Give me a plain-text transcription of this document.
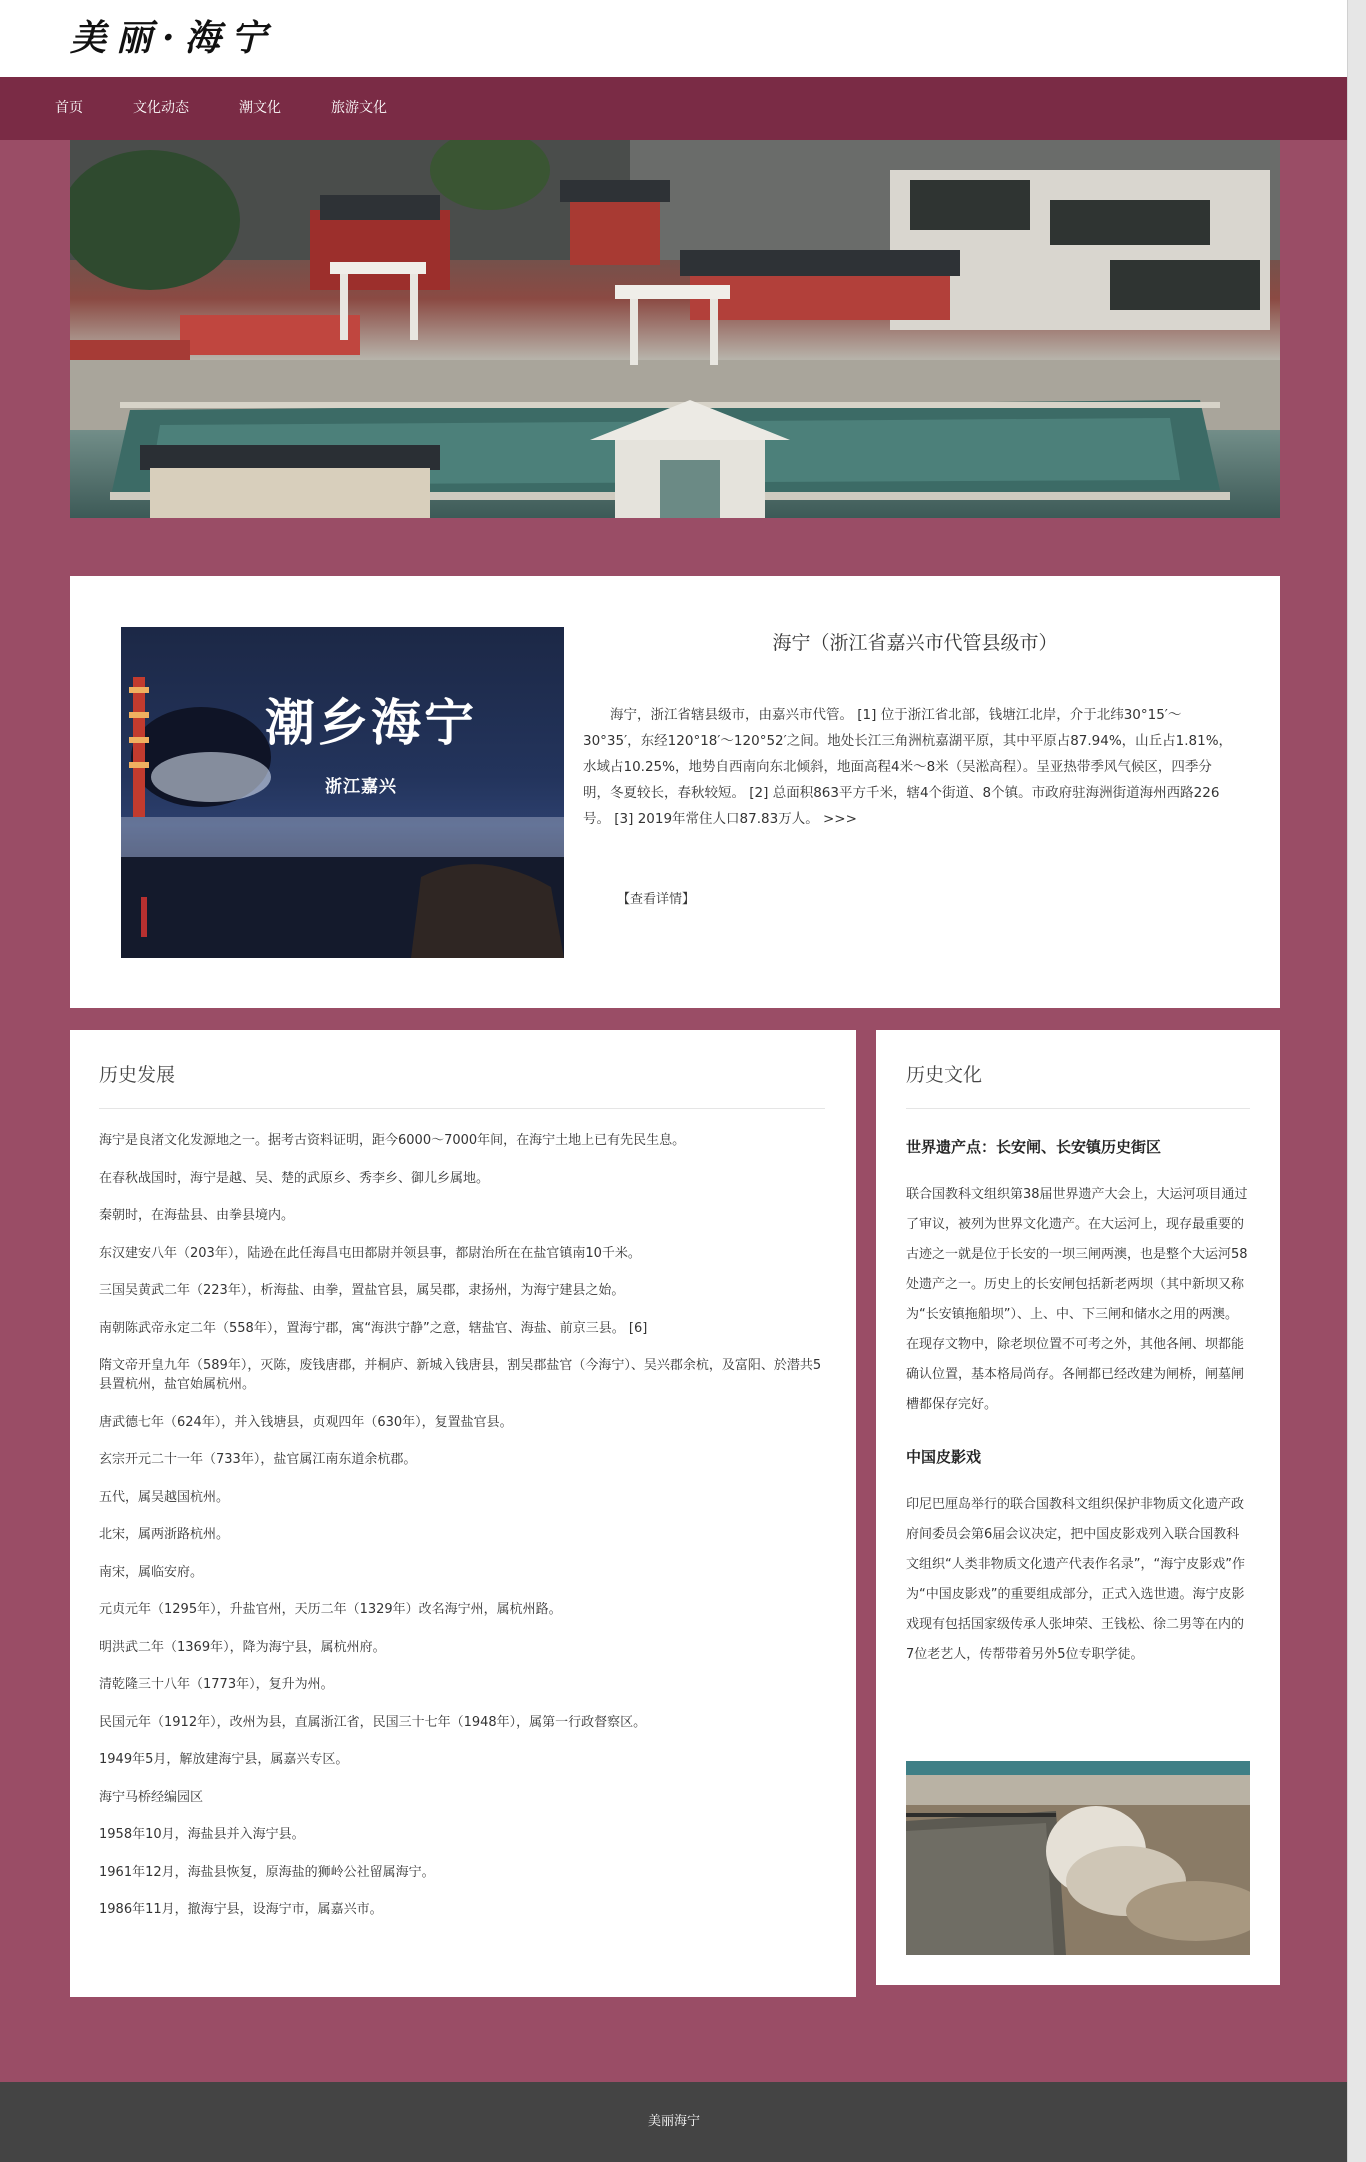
美丽·海宁
首页	文化动态	潮文化	旅游文化
潮乡海宁
浙江嘉兴
海宁（浙江省嘉兴市代管县级市）

海宁，浙江省辖县级市，由嘉兴市代管。 [1] 位于浙江省北部，钱塘江北岸，介于北纬30°15′～30°35′，东经120°18′～120°52′之间。地处长江三角洲杭嘉湖平原，其中平原占87.94%，山丘占1.81%，水域占10.25%，地势自西南向东北倾斜，地面高程4米～8米（吴淞高程）。呈亚热带季风气候区，四季分明，冬夏较长，春秋较短。 [2] 总面积863平方千米，辖4个街道、8个镇。市政府驻海洲街道海州西路226号。 [3] 2019年常住人口87.83万人。 >>>

【查看详情】
历史发展
海宁是良渚文化发源地之一。据考古资料证明，距今6000～7000年间，在海宁土地上已有先民生息。
在春秋战国时，海宁是越、吴、楚的武原乡、秀李乡、御儿乡属地。
秦朝时，在海盐县、由拳县境内。
东汉建安八年（203年），陆逊在此任海昌屯田都尉并领县事，都尉治所在在盐官镇南10千米。
三国吴黄武二年（223年），析海盐、由拳，置盐官县，属吴郡，隶扬州，为海宁建县之始。
南朝陈武帝永定二年（558年），置海宁郡，寓“海洪宁静”之意，辖盐官、海盐、前京三县。 [6]
隋文帝开皇九年（589年），灭陈，废钱唐郡，并桐庐、新城入钱唐县，割吴郡盐官（今海宁）、吴兴郡余杭，及富阳、於潜共5县置杭州，盐官始属杭州。
唐武德七年（624年），并入钱塘县，贞观四年（630年），复置盐官县。
玄宗开元二十一年（733年），盐官属江南东道余杭郡。
五代，属吴越国杭州。
北宋，属两浙路杭州。
南宋，属临安府。
元贞元年（1295年），升盐官州，天历二年（1329年）改名海宁州，属杭州路。
明洪武二年（1369年），降为海宁县，属杭州府。
清乾隆三十八年（1773年），复升为州。
民国元年（1912年），改州为县，直属浙江省，民国三十七年（1948年），属第一行政督察区。
1949年5月，解放建海宁县，属嘉兴专区。
海宁马桥经编园区
1958年10月，海盐县并入海宁县。
1961年12月，海盐县恢复，原海盐的狮岭公社留属海宁。
1986年11月，撤海宁县，设海宁市，属嘉兴市。
历史文化
世界遗产点：长安闸、长安镇历史街区

联合国教科文组织第38届世界遗产大会上，大运河项目通过了审议，被列为世界文化遗产。在大运河上，现存最重要的古迹之一就是位于长安的一坝三闸两澳，也是整个大运河58处遗产之一。历史上的长安闸包括新老两坝（其中新坝又称为“长安镇拖船坝”）、上、中、下三闸和储水之用的两澳。在现存文物中，除老坝位置不可考之外，其他各闸、坝都能确认位置，基本格局尚存。各闸都已经改建为闸桥，闸墓闸槽都保存完好。

中国皮影戏

印尼巴厘岛举行的联合国教科文组织保护非物质文化遗产政府间委员会第6届会议决定，把中国皮影戏列入联合国教科文组织“人类非物质文化遗产代表作名录”，“海宁皮影戏”作为“中国皮影戏”的重要组成部分，正式入选世遗。海宁皮影戏现有包括国家级传承人张坤荣、王钱松、徐二男等在内的7位老艺人，传帮带着另外5位专职学徒。

美丽海宁
